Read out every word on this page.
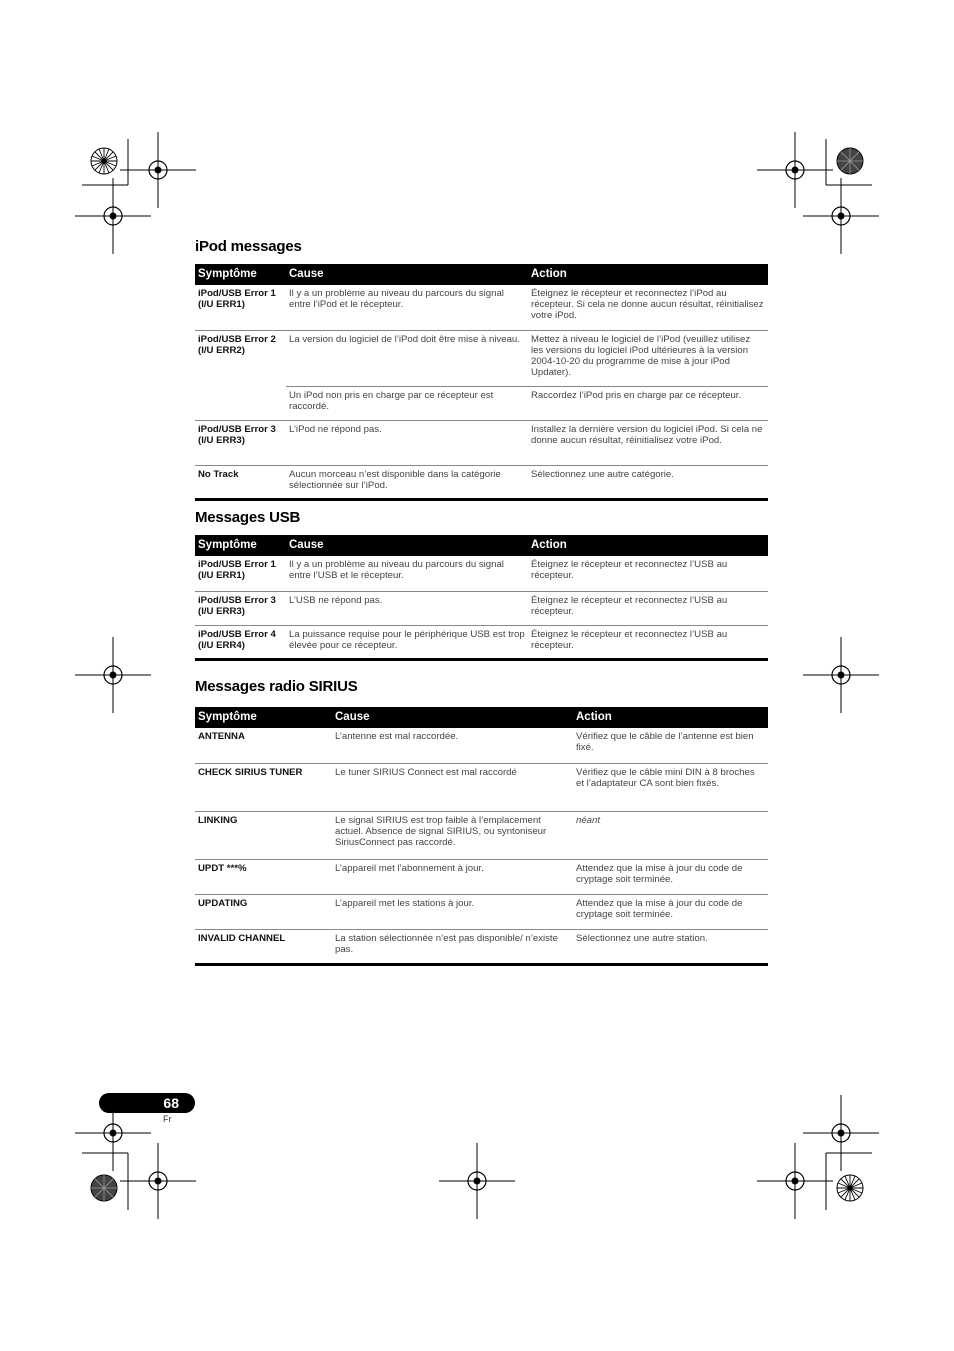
iPod messages
Symptôme	Cause	Action
iPod/USB Error 1 (I/U ERR1)	Il y a un problème au niveau du parcours du signal entre l’iPod et le récepteur.	Éteignez le récepteur et reconnectez l’iPod au récepteur. Si cela ne donne aucun résultat, réinitialisez votre iPod.
iPod/USB Error 2 (I/U ERR2)	La version du logiciel de l’iPod doit être mise à niveau.	Mettez à niveau le logiciel de l’iPod (veuillez utilisez les versions du logiciel iPod ultérieures à la version 2004-10-20 du programme de mise à jour iPod Updater).
	Un iPod non pris en charge par ce récepteur est raccordé.	Raccordez l’iPod pris en charge par ce récepteur.
iPod/USB Error 3 (I/U ERR3)	L’iPod ne répond pas.	Installez la dernière version du logiciel iPod. Si cela ne donne aucun résultat, réinitialisez votre iPod.
No Track	Aucun morceau n’est disponible dans la catégorie sélectionnée sur l’iPod.	Sélectionnez une autre catégorie.
Messages USB
Symptôme	Cause	Action
iPod/USB Error 1 (I/U ERR1)	Il y a un problème au niveau du parcours du signal entre l’USB et le récepteur.	Éteignez le récepteur et reconnectez l’USB au récepteur.
iPod/USB Error 3 (I/U ERR3)	L’USB ne répond pas.	Éteignez le récepteur et reconnectez l’USB au récepteur.
iPod/USB Error 4 (I/U ERR4)	La puissance requise pour le périphérique USB est trop élevée pour ce récepteur.	Éteignez le récepteur et reconnectez l’USB au récepteur.
Messages radio SIRIUS
Symptôme	Cause	Action
ANTENNA	L’antenne est mal raccordée.	Vérifiez que le câble de l’antenne est bien fixé.
CHECK SIRIUS TUNER	Le tuner SIRIUS Connect est mal raccordé	Vérifiez que le câble mini DIN à 8 broches et l’adaptateur CA sont bien fixés.
LINKING	Le signal SIRIUS est trop faible à l’emplacement actuel. Absence de signal SIRIUS, ou syntoniseur SiriusConnect pas raccordé.	néant
UPDT ***%	L’appareil met l’abonnement à jour.	Attendez que la mise à jour du code de cryptage soit terminée.
UPDATING	L’appareil met les stations à jour.	Attendez que la mise à jour du code de cryptage soit terminée.
INVALID CHANNEL	La station sélectionnée n’est pas disponible/ n’existe pas.	Sélectionnez une autre station.
68
Fr
